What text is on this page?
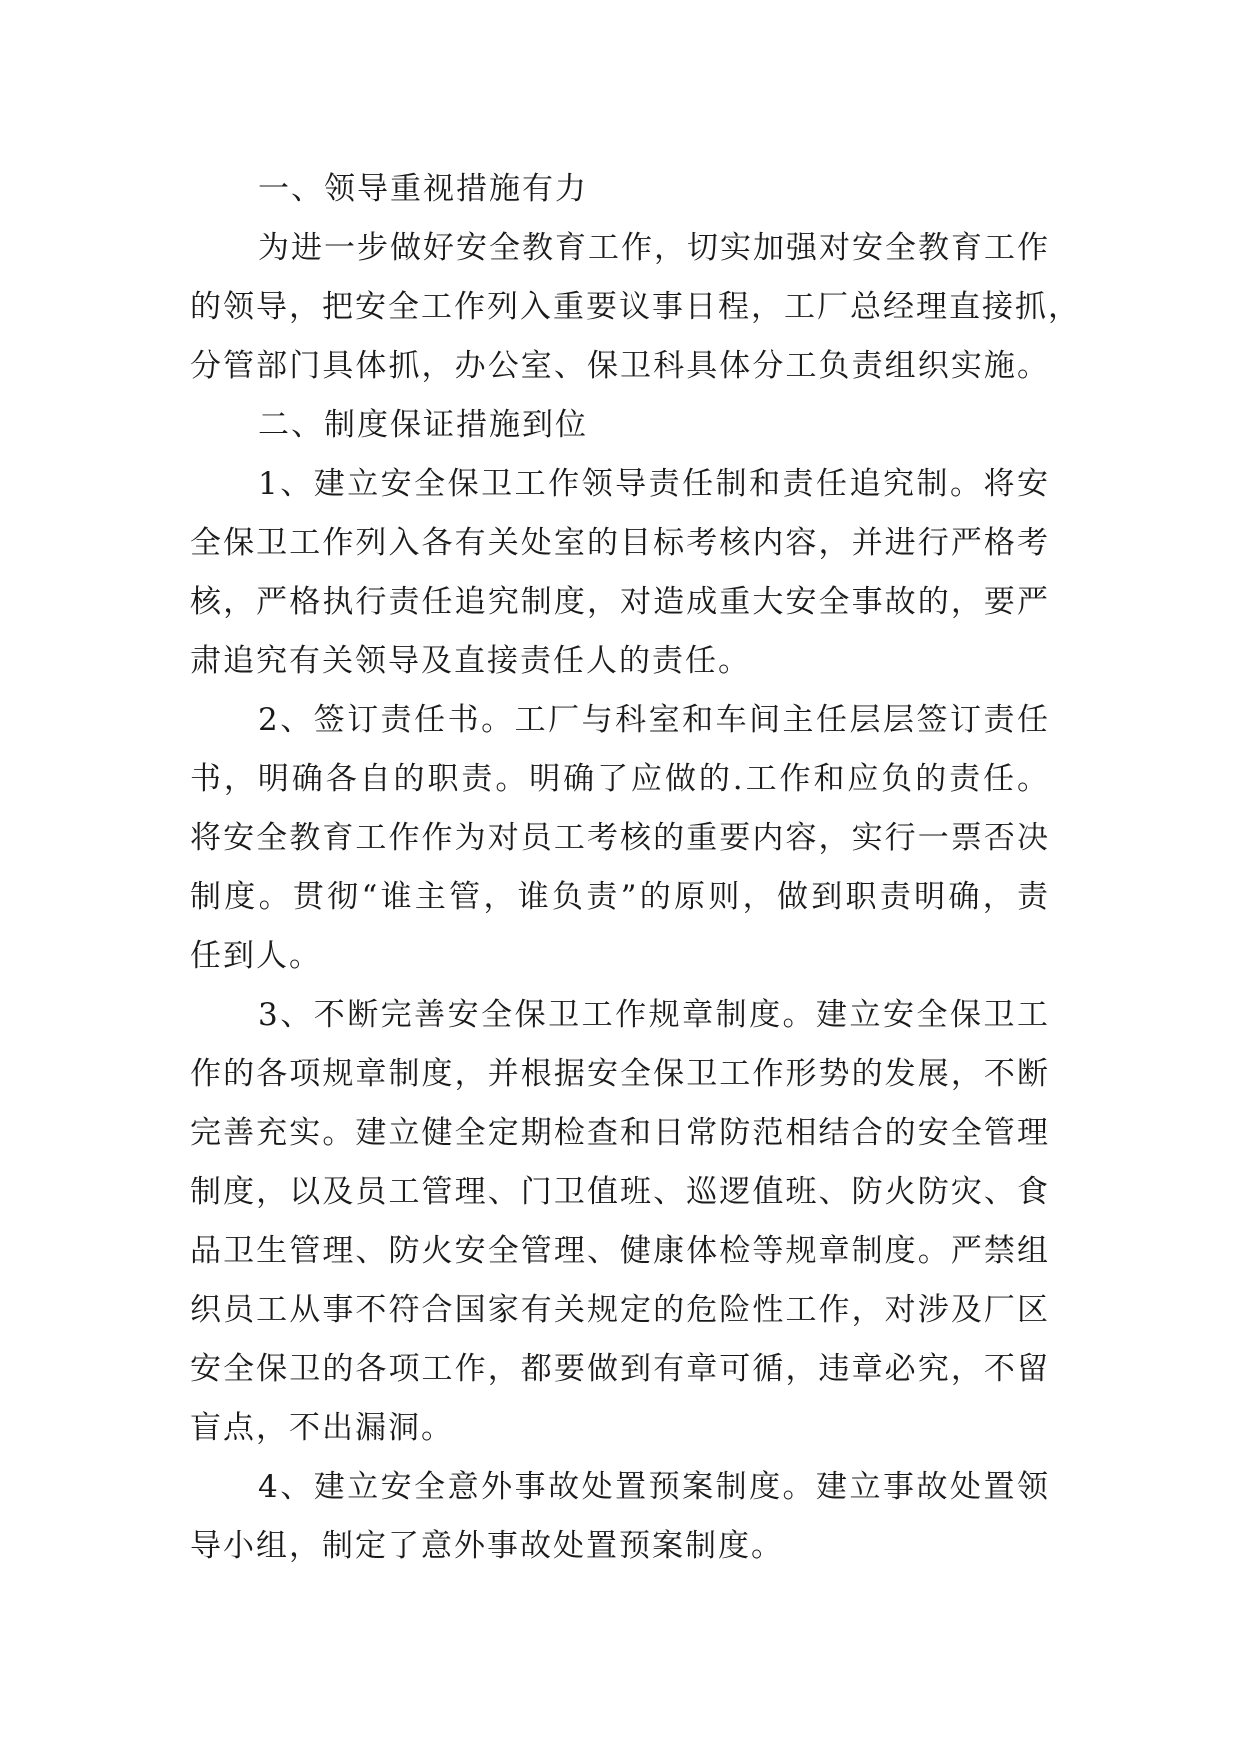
一、领导重视措施有力
为进一步做好安全教育工作，切实加强对安全教育工作
的领导，把安全工作列入重要议事日程，工厂总经理直接抓，
分管部门具体抓，办公室、保卫科具体分工负责组织实施。
二、制度保证措施到位
1、建立安全保卫工作领导责任制和责任追究制。将安
全保卫工作列入各有关处室的目标考核内容，并进行严格考
核，严格执行责任追究制度，对造成重大安全事故的，要严
肃追究有关领导及直接责任人的责任。
2、签订责任书。工厂与科室和车间主任层层签订责任
书，明确各自的职责。明确了应做的.工作和应负的责任。
将安全教育工作作为对员工考核的重要内容，实行一票否决
制度。贯彻“谁主管，谁负责”的原则，做到职责明确，责
任到人。
3、不断完善安全保卫工作规章制度。建立安全保卫工
作的各项规章制度，并根据安全保卫工作形势的发展，不断
完善充实。建立健全定期检查和日常防范相结合的安全管理
制度，以及员工管理、门卫值班、巡逻值班、防火防灾、食
品卫生管理、防火安全管理、健康体检等规章制度。严禁组
织员工从事不符合国家有关规定的危险性工作，对涉及厂区
安全保卫的各项工作，都要做到有章可循，违章必究，不留
盲点，不出漏洞。
4、建立安全意外事故处置预案制度。建立事故处置领
导小组，制定了意外事故处置预案制度。
